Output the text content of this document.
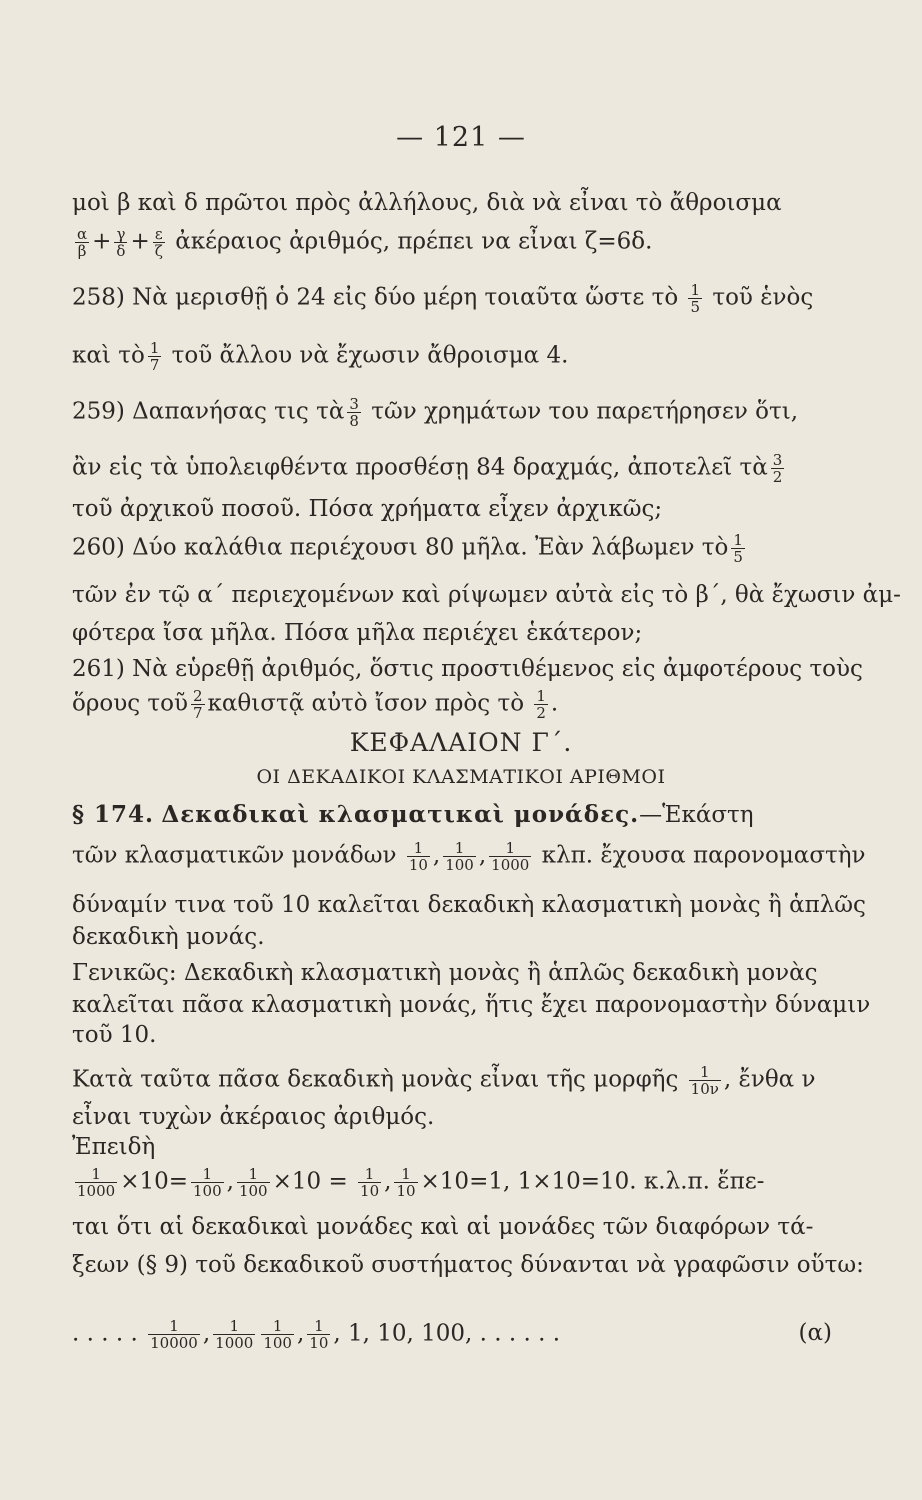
— 121 —
μοὶ β καὶ δ πρῶτοι πρὸς ἀλλήλους, διὰ νὰ εἶναι τὸ ἄθροισμα
$\frac{\alpha}{\beta} + \frac{\gamma}{\delta} + \frac{\varepsilon}{\zeta}$ ἀκέραιος ἀριθμός, πρέπει να εἶναι ζ=6δ.
258) Νὰ μερισθῇ ὁ 24 εἰς δύο μέρη τοιαῦτα ὥστε τὸ $\frac{1}{5}$ τοῦ ἑνὸς
καὶ τὸ $\frac{1}{7}$ τοῦ ἄλλου νὰ ἔχωσιν ἄθροισμα 4.
259) Δαπανήσας τις τὰ $\frac{3}{8}$ τῶν χρημάτων του παρετήρησεν ὅτι,
ἂν εἰς τὰ ὑπολειφθέντα προσθέσῃ 84 δραχμάς, ἀποτελεῖ τὰ $\frac{3}{2}$
τοῦ ἀρχικοῦ ποσοῦ. Πόσα χρήματα εἶχεν ἀρχικῶς;
260) Δύο καλάθια περιέχουσι 80 μῆλα. Ἐὰν λάβωμεν τὸ $\frac{1}{5}$
τῶν ἐν τῷ α΄ περιεχομένων καὶ ρίψωμεν αὐτὰ εἰς τὸ β΄, θὰ ἔχωσιν ἀμ-
φότερα ἴσα μῆλα. Πόσα μῆλα περιέχει ἑκάτερον;
261) Νὰ εὑρεθῇ ἀριθμός, ὅστις προστιθέμενος εἰς ἀμφοτέρους τοὺς
ὅρους τοῦ $\frac{2}{7}$ καθιστᾷ αὐτὸ ἴσον πρὸς τὸ $\frac{1}{2}$ .
ΚΕΦΑΛΑΙΟΝ Γ΄.
ΟΙ ΔΕΚΑΔΙΚΟΙ ΚΛΑΣΜΑΤΙΚΟΙ ΑΡΙΘΜΟΙ
§ 174. Δεκαδικαὶ κλασματικαὶ μονάδες.—Ἑκάστη
τῶν κλασματικῶν μονάδων $\frac{1}{10}$ , $\frac{1}{100}$ , $\frac{1}{1000} \kappa\lambda\pi$. ἔχουσα παρονομαστὴν
δύναμίν τινα τοῦ 10 καλεῖται δεκαδικὴ κλασματικὴ μονὰς ἢ ἁπλῶς
δεκαδικὴ μονάς.
Γενικῶς: Δεκαδικὴ κλασματικὴ μονὰς ἢ ἁπλῶς δεκαδικὴ μονὰς
καλεῖται πᾶσα κλασματικὴ μονάς, ἥτις ἔχει παρονομαστὴν δύναμιν
τοῦ 10.
Κατὰ ταῦτα πᾶσα δεκαδικὴ μονὰς εἶναι τῆς μορφῆς $\frac{1}{10\nu}$ , ἔνθα ν
εἶναι τυχὼν ἀκέραιος ἀριθμός.
Ἐπειδὴ
$\frac{1}{1000} \times 10= \frac{1}{100}$ , $\frac{1}{100} \times 10 = \frac{1}{10}$ , $\frac{1}{10} \times 10=1$, 1×10=10. κ.λ.π. ἕπε-
ται ὅτι αἱ δεκαδικαὶ μονάδες καὶ αἱ μονάδες τῶν διαφόρων τά-
ξεων (§ 9) τοῦ δεκαδικοῦ συστήματος δύνανται νὰ γραφῶσιν οὕτω:
. . . . . $\frac{1}{10000}$ , $\frac{1}{1000} \frac{1}{100}$ , $\frac{1}{10}$ , 1, 10, 100, . . . . . .	(α)
